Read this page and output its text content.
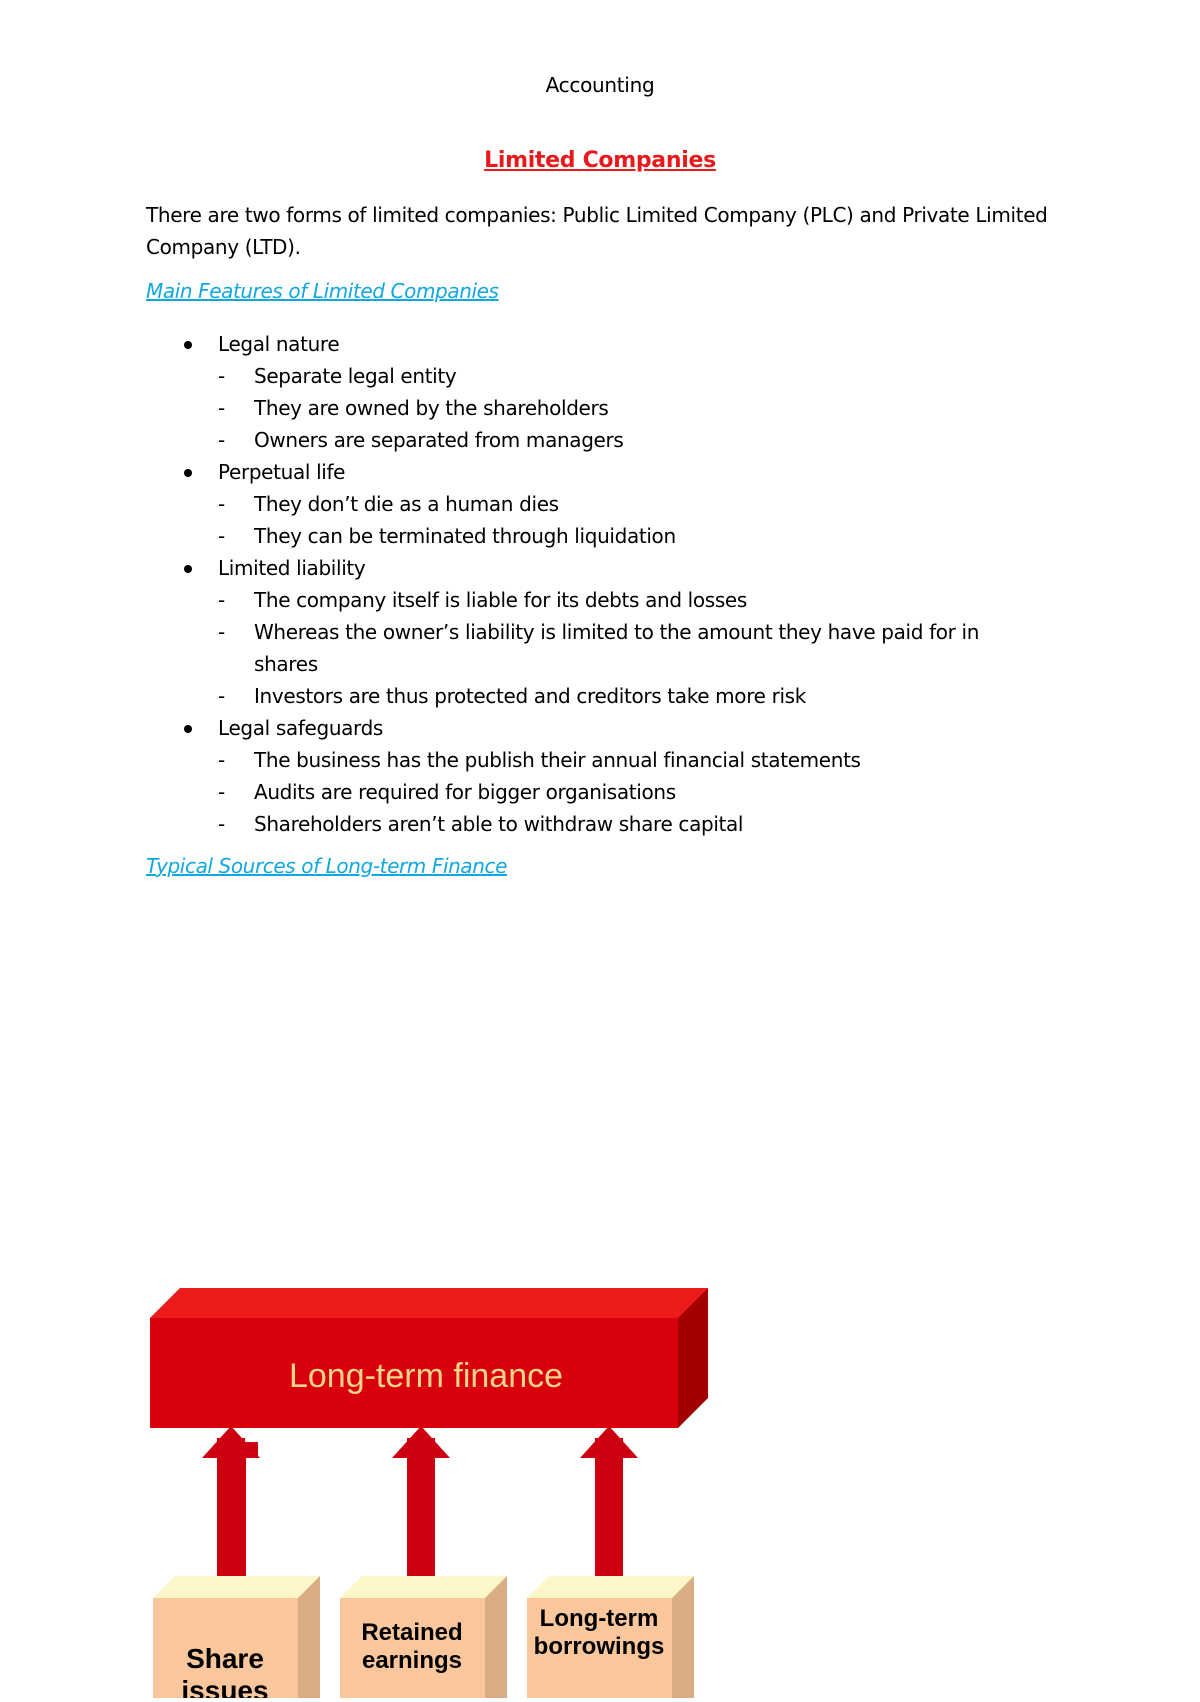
Accounting
Limited Companies
There are two forms of limited companies: Public Limited Company (PLC) and Private Limited Company (LTD).
Main Features of Limited Companies
Legal nature
- Separate legal entity
- They are owned by the shareholders
- Owners are separated from managers
Perpetual life
- They don’t die as a human dies
- They can be terminated through liquidation
Limited liability
- The company itself is liable for its debts and losses
- Whereas the owner’s liability is limited to the amount they have paid for in shares
- Investors are thus protected and creditors take more risk
Legal safeguards
- The business has the publish their annual financial statements
- Audits are required for bigger organisations
- Shareholders aren’t able to withdraw share capital
Typical Sources of Long-term Finance
Long-term finance
Share
issues
Retained
earnings
Long-term
borrowings
